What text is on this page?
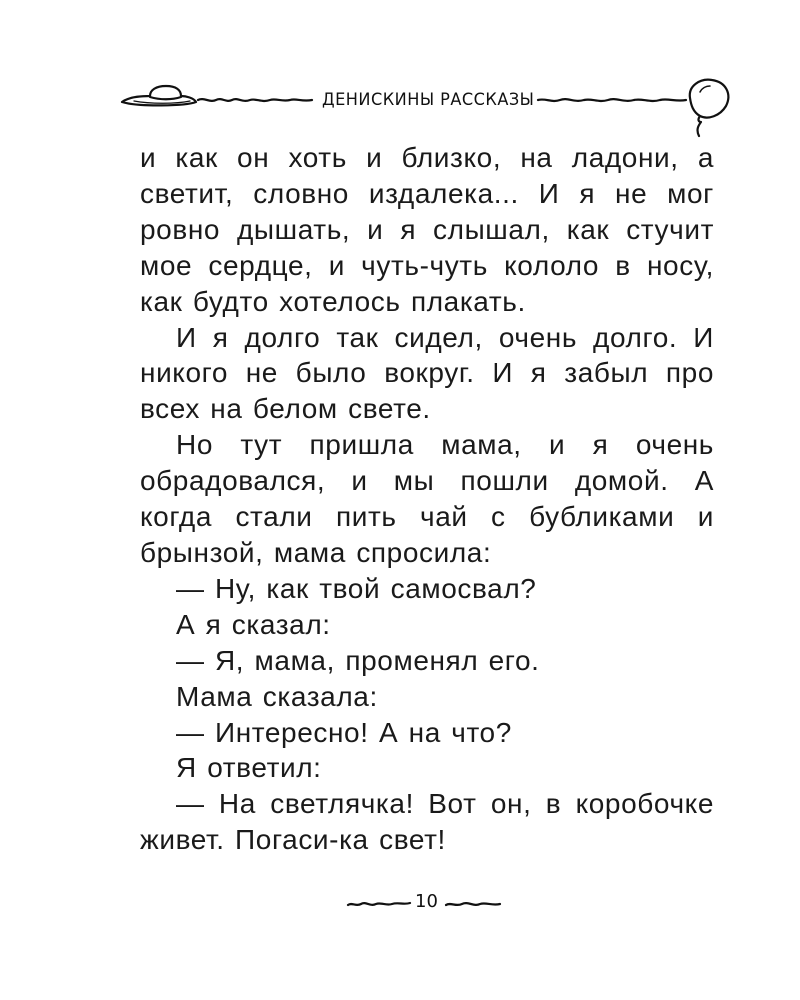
ДЕНИСКИНЫ РАССКАЗЫ

и как он хоть и близко, на ладони, а светит, словно издалека... И я не мог ровно дышать, и я слышал, как стучит мое сердце, и чуть-чуть кололо в носу, как будто хотелось плакать.

И я долго так сидел, очень долго. И никого не было вокруг. И я забыл про всех на белом свете.

Но тут пришла мама, и я очень обрадовался, и мы пошли домой. А когда стали пить чай с бубликами и брынзой, мама спросила:

— Ну, как твой самосвал?

А я сказал:

— Я, мама, променял его.

Мама сказала:

— Интересно! А на что?

Я ответил:

— На светлячка! Вот он, в коробочке живет. Погаси-ка свет!

10
